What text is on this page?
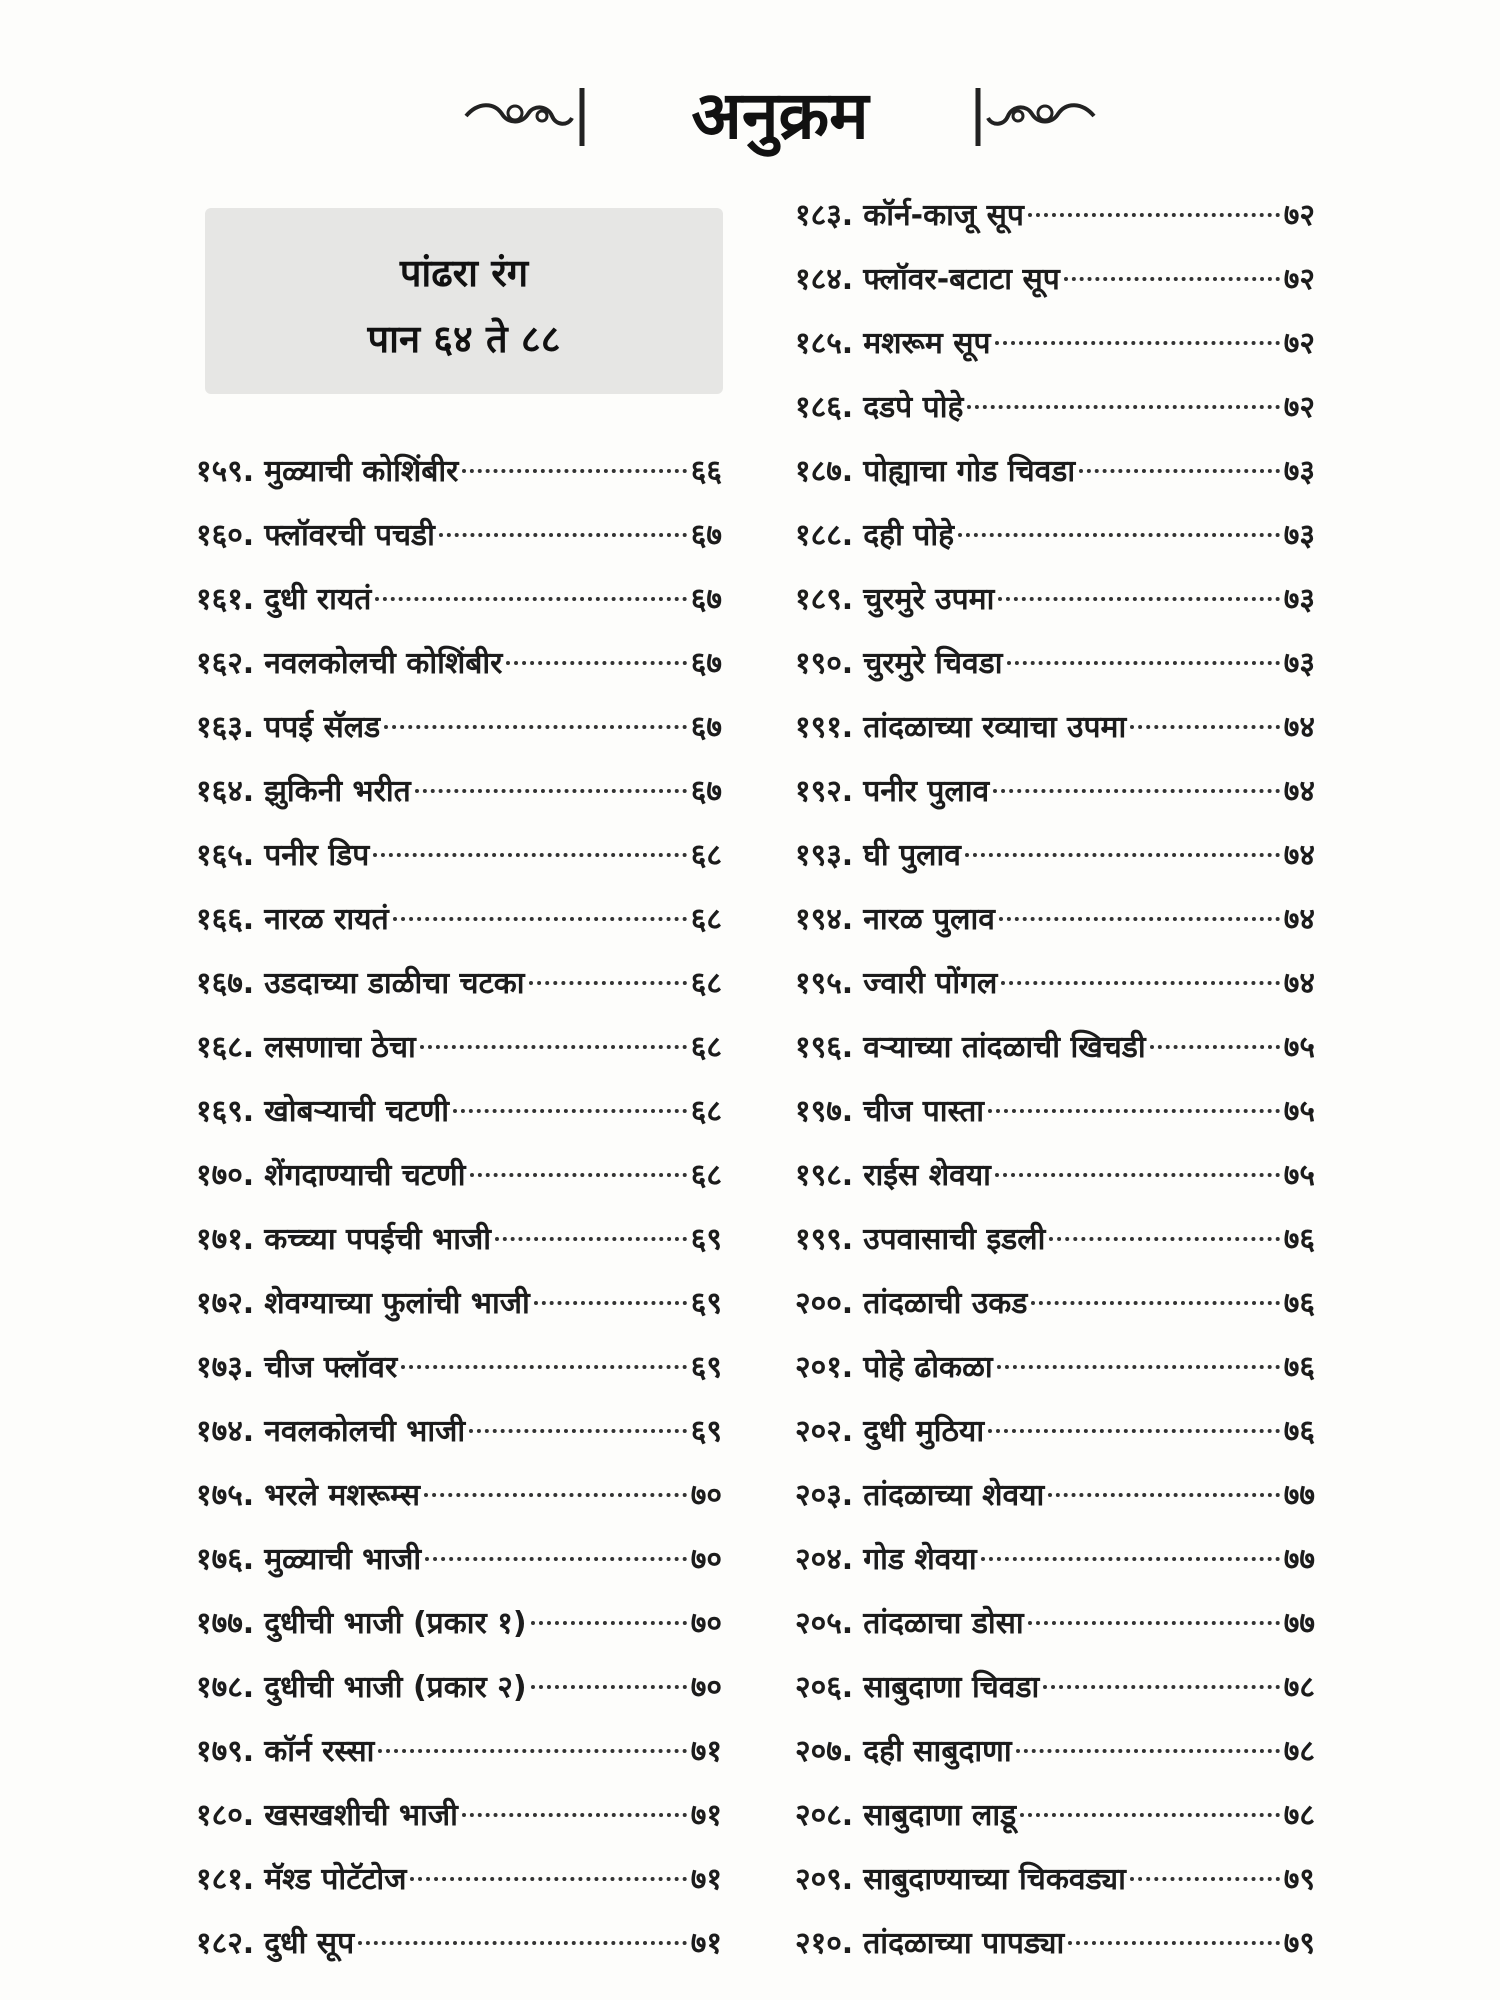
अनुक्रम
पांढरा रंग
पान ६४ ते ८८
१५९. मुळ्याची कोशिंबीर	६६
१६०. फ्लॉवरची पचडी	६७
१६१. दुधी रायतं	६७
१६२. नवलकोलची कोशिंबीर	६७
१६३. पपई सॅलड	६७
१६४. झुकिनी भरीत	६७
१६५. पनीर डिप	६८
१६६. नारळ रायतं	६८
१६७. उडदाच्या डाळीचा चटका	६८
१६८. लसणाचा ठेचा	६८
१६९. खोबऱ्याची चटणी	६८
१७०. शेंगदाण्याची चटणी	६८
१७१. कच्च्या पपईची भाजी	६९
१७२. शेवग्याच्या फुलांची भाजी	६९
१७३. चीज फ्लॉवर	६९
१७४. नवलकोलची भाजी	६९
१७५. भरले मशरूम्स	७०
१७६. मुळ्याची भाजी	७०
१७७. दुधीची भाजी (प्रकार १)	७०
१७८. दुधीची भाजी (प्रकार २)	७०
१७९. कॉर्न रस्सा	७१
१८०. खसखशीची भाजी	७१
१८१. मॅश्ड पोटॅटोज	७१
१८२. दुधी सूप	७१
१८३. कॉर्न-काजू सूप	७२
१८४. फ्लॉवर-बटाटा सूप	७२
१८५. मशरूम सूप	७२
१८६. दडपे पोहे	७२
१८७. पोह्याचा गोड चिवडा	७३
१८८. दही पोहे	७३
१८९. चुरमुरे उपमा	७३
१९०. चुरमुरे चिवडा	७३
१९१. तांदळाच्या रव्याचा उपमा	७४
१९२. पनीर पुलाव	७४
१९३. घी पुलाव	७४
१९४. नारळ पुलाव	७४
१९५. ज्वारी पोंगल	७४
१९६. वऱ्याच्या तांदळाची खिचडी	७५
१९७. चीज पास्ता	७५
१९८. राईस शेवया	७५
१९९. उपवासाची इडली	७६
२००. तांदळाची उकड	७६
२०१. पोहे ढोकळा	७६
२०२. दुधी मुठिया	७६
२०३. तांदळाच्या शेवया	७७
२०४. गोड शेवया	७७
२०५. तांदळाचा डोसा	७७
२०६. साबुदाणा चिवडा	७८
२०७. दही साबुदाणा	७८
२०८. साबुदाणा लाडू	७८
२०९. साबुदाण्याच्या चिकवड्या	७९
२१०. तांदळाच्या पापड्या	७९
